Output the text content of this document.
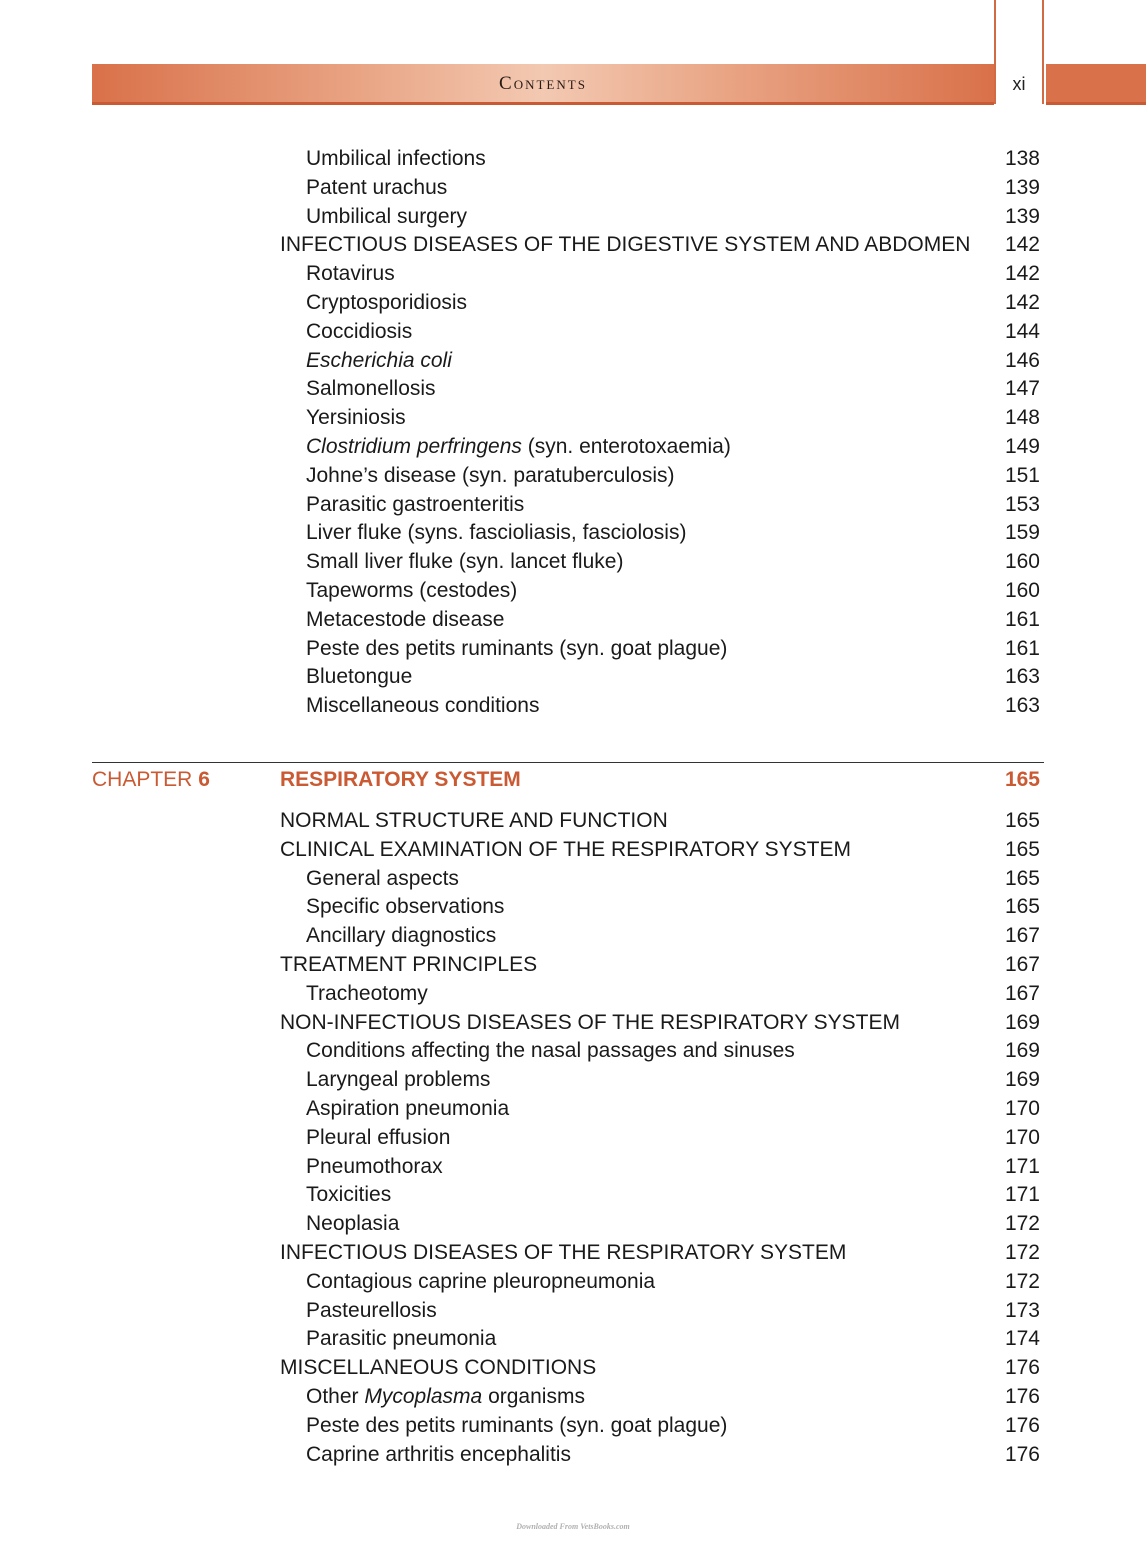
Contents	xi
Umbilical infections	138
Patent urachus	139
Umbilical surgery	139
INFECTIOUS DISEASES OF THE DIGESTIVE SYSTEM AND ABDOMEN 142
Rotavirus	142
Cryptosporidiosis	142
Coccidiosis	144
Escherichia coli	146
Salmonellosis	147
Yersiniosis	148
Clostridium perfringens (syn. enterotoxaemia)	149
Johne’s disease (syn. paratuberculosis)	151
Parasitic gastroenteritis	153
Liver fluke (syns. fascioliasis, fasciolosis)	159
Small liver fluke (syn. lancet fluke)	160
Tapeworms (cestodes)	160
Metacestode disease	161
Peste des petits ruminants (syn. goat plague)	161
Bluetongue	163
Miscellaneous conditions	163
CHAPTER 6	RESPIRATORY SYSTEM	165
NORMAL STRUCTURE AND FUNCTION	165
CLINICAL EXAMINATION OF THE RESPIRATORY SYSTEM	165
General aspects	165
Specific observations	165
Ancillary diagnostics	167
TREATMENT PRINCIPLES	167
Tracheotomy	167
NON-INFECTIOUS DISEASES OF THE RESPIRATORY SYSTEM	169
Conditions affecting the nasal passages and sinuses	169
Laryngeal problems	169
Aspiration pneumonia	170
Pleural effusion	170
Pneumothorax	171
Toxicities	171
Neoplasia	172
INFECTIOUS DISEASES OF THE RESPIRATORY SYSTEM	172
Contagious caprine pleuropneumonia	172
Pasteurellosis	173
Parasitic pneumonia	174
MISCELLANEOUS CONDITIONS	176
Other Mycoplasma organisms	176
Peste des petits ruminants (syn. goat plague)	176
Caprine arthritis encephalitis	176
Downloaded From VetsBooks.com
